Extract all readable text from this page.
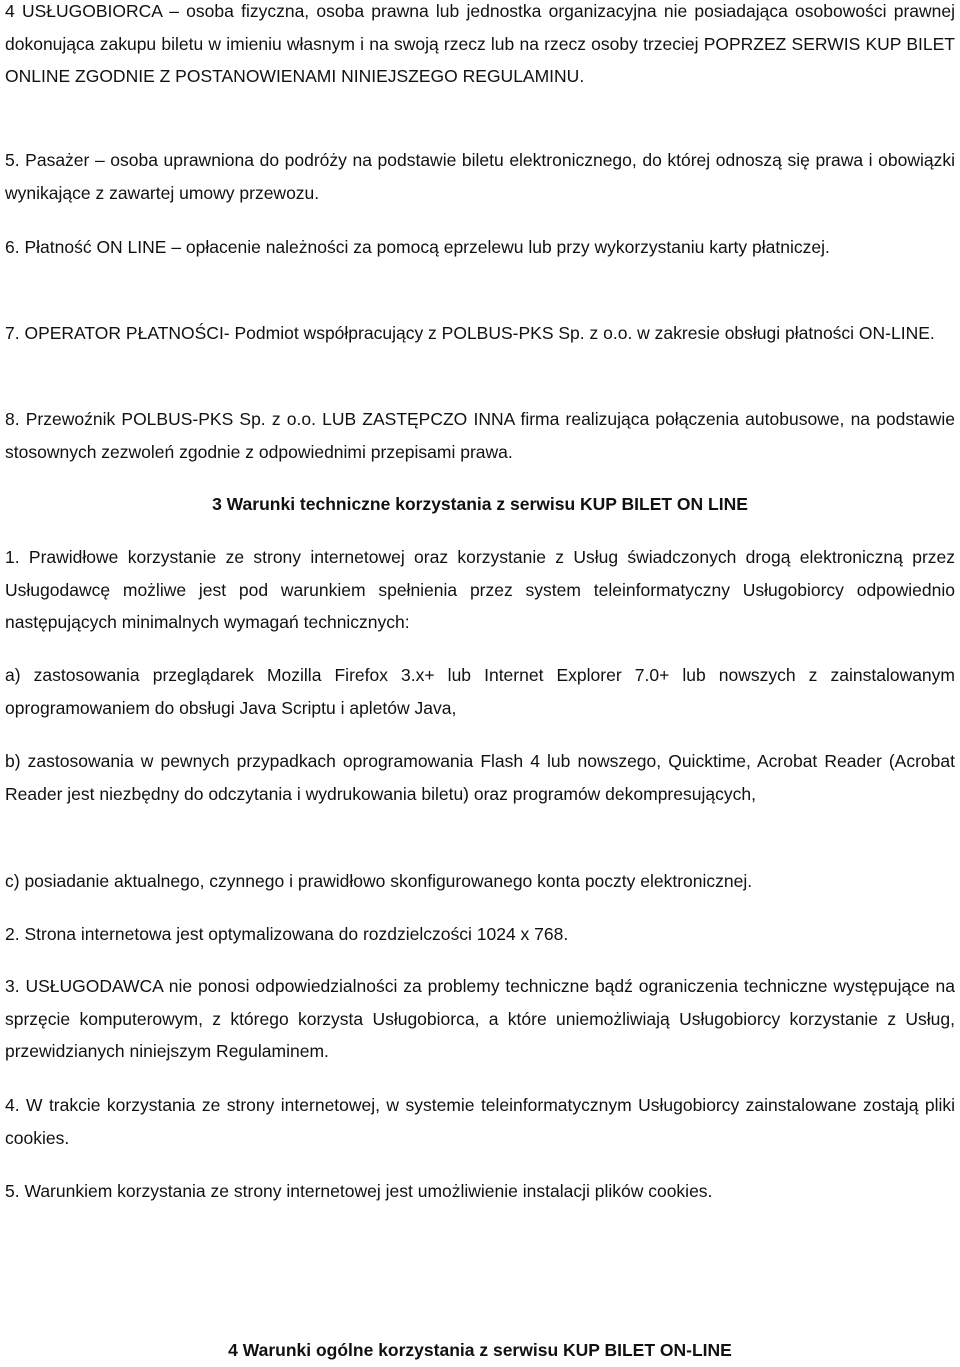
4 USŁUGOBIORCA – osoba fizyczna, osoba prawna lub jednostka organizacyjna nie posiadająca osobowości prawnej dokonująca zakupu biletu w imieniu własnym i na swoją rzecz lub na rzecz osoby trzeciej POPRZEZ SERWIS KUP BILET ONLINE ZGODNIE Z POSTANOWIENAMI NINIEJSZEGO REGULAMINU.

5. Pasażer – osoba uprawniona do podróży na podstawie biletu elektronicznego, do której odnoszą się prawa i obowiązki wynikające z zawartej umowy przewozu.

6. Płatność ON LINE – opłacenie należności za pomocą eprzelewu lub przy wykorzystaniu karty płatniczej.

7. OPERATOR PŁATNOŚCI- Podmiot współpracujący z POLBUS-PKS Sp. z o.o. w zakresie obsługi płatności ON-LINE.

8. Przewoźnik POLBUS-PKS Sp. z o.o. LUB ZASTĘPCZO INNA firma realizująca połączenia autobusowe, na podstawie stosownych zezwoleń zgodnie z odpowiednimi przepisami prawa.

3 Warunki techniczne korzystania z serwisu KUP BILET ON LINE

1. Prawidłowe korzystanie ze strony internetowej oraz korzystanie z Usług świadczonych drogą elektroniczną przez Usługodawcę możliwe jest pod warunkiem spełnienia przez system teleinformatyczny Usługobiorcy odpowiednio następujących minimalnych wymagań technicznych:

a) zastosowania przeglądarek Mozilla Firefox 3.x+ lub Internet Explorer 7.0+ lub nowszych z zainstalowanym oprogramowaniem do obsługi Java Scriptu i apletów Java,

b) zastosowania w pewnych przypadkach oprogramowania Flash 4 lub nowszego, Quicktime, Acrobat Reader (Acrobat Reader jest niezbędny do odczytania i wydrukowania biletu) oraz programów dekompresujących,

c) posiadanie aktualnego, czynnego i prawidłowo skonfigurowanego konta poczty elektronicznej.

2. Strona internetowa jest optymalizowana do rozdzielczości 1024 x 768.

3. USŁUGODAWCA nie ponosi odpowiedzialności za problemy techniczne bądź ograniczenia techniczne występujące na sprzęcie komputerowym, z którego korzysta Usługobiorca, a które uniemożliwiają Usługobiorcy korzystanie z Usług, przewidzianych niniejszym Regulaminem.

4. W trakcie korzystania ze strony internetowej, w systemie teleinformatycznym Usługobiorcy zainstalowane zostają pliki cookies.

5. Warunkiem korzystania ze strony internetowej jest umożliwienie instalacji plików cookies.

4 Warunki ogólne korzystania z serwisu KUP BILET ON-LINE
